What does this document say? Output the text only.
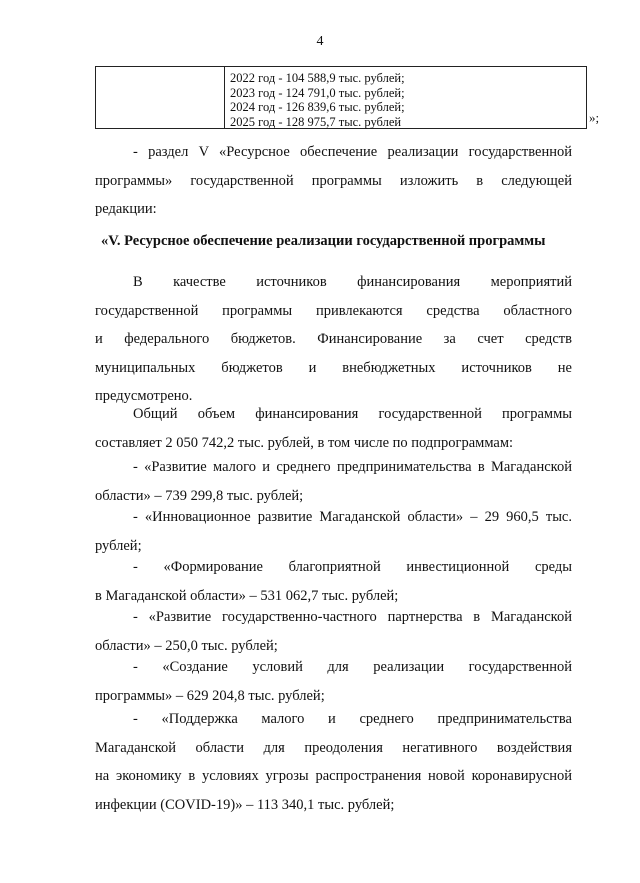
4
2022 год - 104 588,9 тыс. рублей;
2023 год - 124 791,0 тыс. рублей;
2024 год - 126 839,6 тыс. рублей;
2025 год - 128 975,7 тыс. рублей	»;
- раздел V «Ресурсное обеспечение реализации государственной
программы» государственной программы изложить в следующей
редакции:
«V. Ресурсное обеспечение реализации государственной программы
В качестве источников финансирования мероприятий
государственной программы привлекаются средства областного
и федерального бюджетов. Финансирование за счет средств
муниципальных бюджетов и внебюджетных источников не
предусмотрено.
Общий объем финансирования государственной программы
составляет 2 050 742,2 тыс. рублей, в том числе по подпрограммам:
- «Развитие малого и среднего предпринимательства в Магаданской
области» – 739 299,8 тыс. рублей;
- «Инновационное развитие Магаданской области» – 29 960,5 тыс.
рублей;
- «Формирование благоприятной инвестиционной среды
в Магаданской области» – 531 062,7 тыс. рублей;
- «Развитие государственно-частного партнерства в Магаданской
области» – 250,0 тыс. рублей;
- «Создание условий для реализации государственной
программы» – 629 204,8 тыс. рублей;
- «Поддержка малого и среднего предпринимательства
Магаданской области для преодоления негативного воздействия
на экономику в условиях угрозы распространения новой коронавирусной
инфекции (COVID-19)» – 113 340,1 тыс. рублей;
